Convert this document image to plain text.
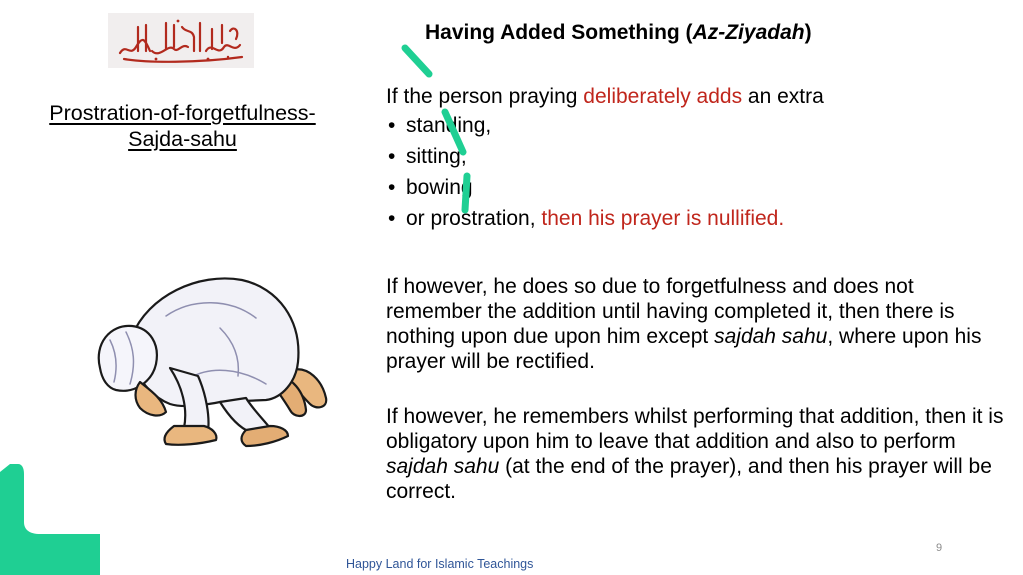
Prostration-of-forgetfulness-
Sajda-sahu
Having Added Something (Az-Ziyadah)

If the person praying deliberately adds an extra

• standing,
• sitting,
• bowing
• or prostration, then his prayer is nullified.

If however, he does so due to forgetfulness and does not remember the addition until having completed it, then there is nothing upon due upon him except sajdah sahu, where upon his prayer will be rectified.

If however, he remembers whilst performing that addition, then it is obligatory upon him to leave that addition and also to perform sajdah sahu (at the end of the prayer), and then his prayer will be correct.

Happy Land for Islamic Teachings
9
